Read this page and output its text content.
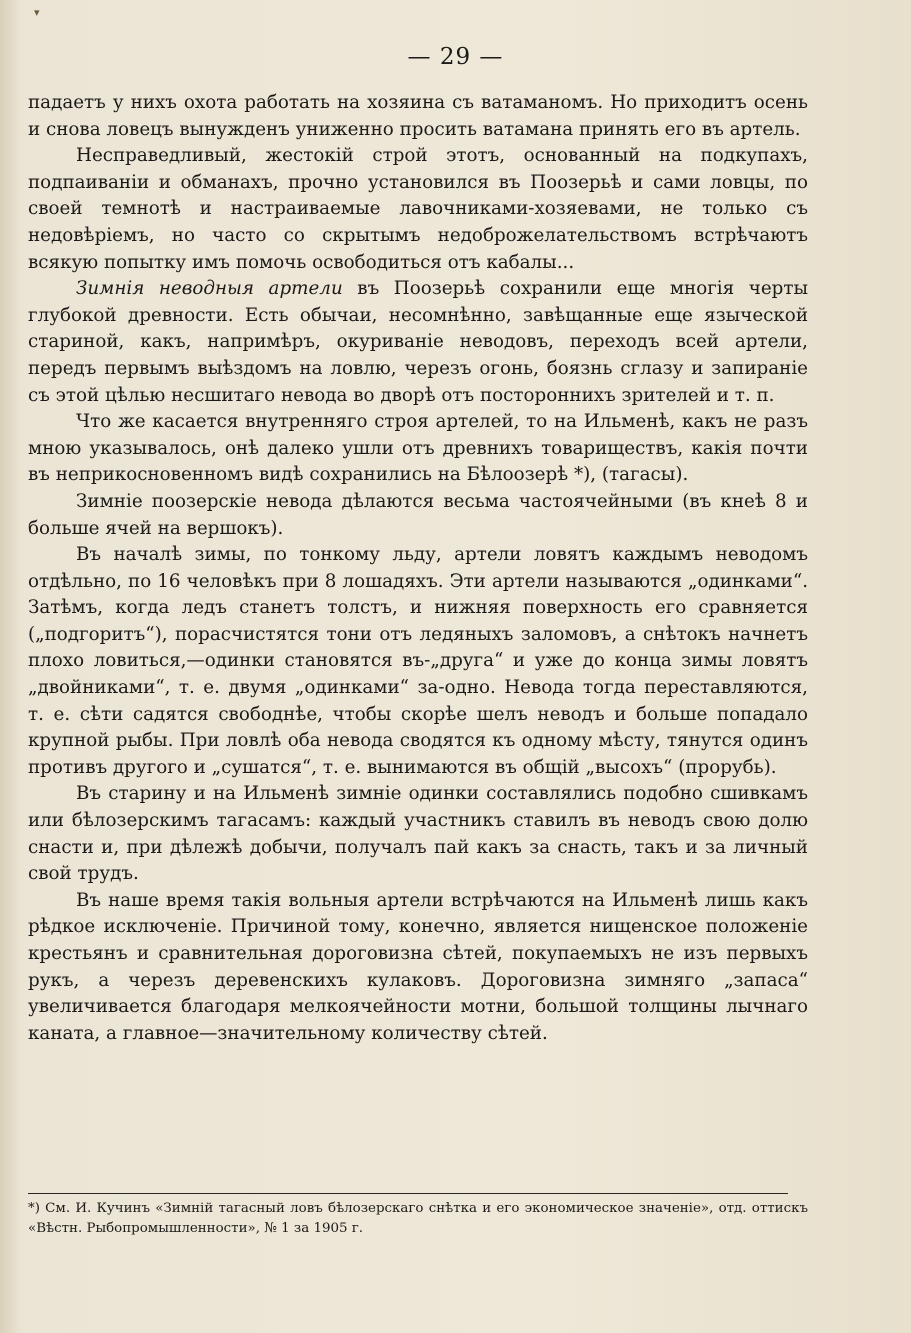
▾
— 29 —

падаетъ у нихъ охота работать на хозяина съ ватаманомъ. Но приходитъ осень и снова ловецъ вынужденъ униженно просить ватамана принять его въ артель.

Несправедливый, жестокій строй этотъ, основанный на подкупахъ, подпаиваніи и обманахъ, прочно установился въ Поозерьѣ и сами ловцы, по своей темнотѣ и настраиваемые лавочниками-хозяевами, не только съ недовѣріемъ, но часто со скрытымъ недоброжелательствомъ встрѣчаютъ всякую попытку имъ помочь освободиться отъ кабалы...

Зимнія неводныя артели въ Поозерьѣ сохранили еще многія черты глубокой древности. Есть обычаи, несомнѣнно, завѣщанные еще языческой стариной, какъ, напримѣръ, окуриваніе неводовъ, переходъ всей артели, передъ первымъ выѣздомъ на ловлю, черезъ огонь, боязнь сглазу и запираніе съ этой цѣлью несшитаго невода во дворѣ отъ постороннихъ зрителей и т. п.

Что же касается внутренняго строя артелей, то на Ильменѣ, какъ не разъ мною указывалось, онѣ далеко ушли отъ древнихъ товариществъ, какія почти въ неприкосновенномъ видѣ сохранились на Бѣлоозерѣ *), (тагасы).

Зимніе поозерскіе невода дѣлаются весьма частоячейными (въ кнеѣ 8 и больше ячей на вершокъ).

Въ началѣ зимы, по тонкому льду, артели ловятъ каждымъ неводомъ отдѣльно, по 16 человѣкъ при 8 лошадяхъ. Эти артели называются „одинками“. Затѣмъ, когда ледъ станетъ толстъ, и нижняя поверхность его сравняется („подгоритъ“), порасчистятся тони отъ ледяныхъ заломовъ, а снѣтокъ начнетъ плохо ловиться,—одинки становятся въ-„друга“ и уже до конца зимы ловятъ „двойниками“, т. е. двумя „одинками“ за-одно. Невода тогда переставляются, т. е. сѣти садятся свободнѣе, чтобы скорѣе шелъ неводъ и больше попадало крупной рыбы. При ловлѣ оба невода сводятся къ одному мѣсту, тянутся одинъ противъ другого и „сушатся“, т. е. вынимаются въ общій „высохъ“ (прорубь).

Въ старину и на Ильменѣ зимніе одинки составлялись подобно сшивкамъ или бѣлозерскимъ тагасамъ: каждый участникъ ставилъ въ неводъ свою долю снасти и, при дѣлежѣ добычи, получалъ пай какъ за снасть, такъ и за личный свой трудъ.

Въ наше время такія вольныя артели встрѣчаются на Ильменѣ лишь какъ рѣдкое исключеніе. Причиной тому, конечно, является нищенское положеніе крестьянъ и сравнительная дороговизна сѣтей, покупаемыхъ не изъ первыхъ рукъ, а черезъ деревенскихъ кулаковъ. Дороговизна зимняго „запаса“ увеличивается благодаря мелкоячейности мотни, большой толщины лычнаго каната, а главное—значительному количеству сѣтей.

*) См. И. Кучинъ «Зимній тагасный ловъ бѣлозерскаго снѣтка и его экономическое значеніе», отд. оттискъ «Вѣстн. Рыбопромышленности», № 1 за 1905 г.
